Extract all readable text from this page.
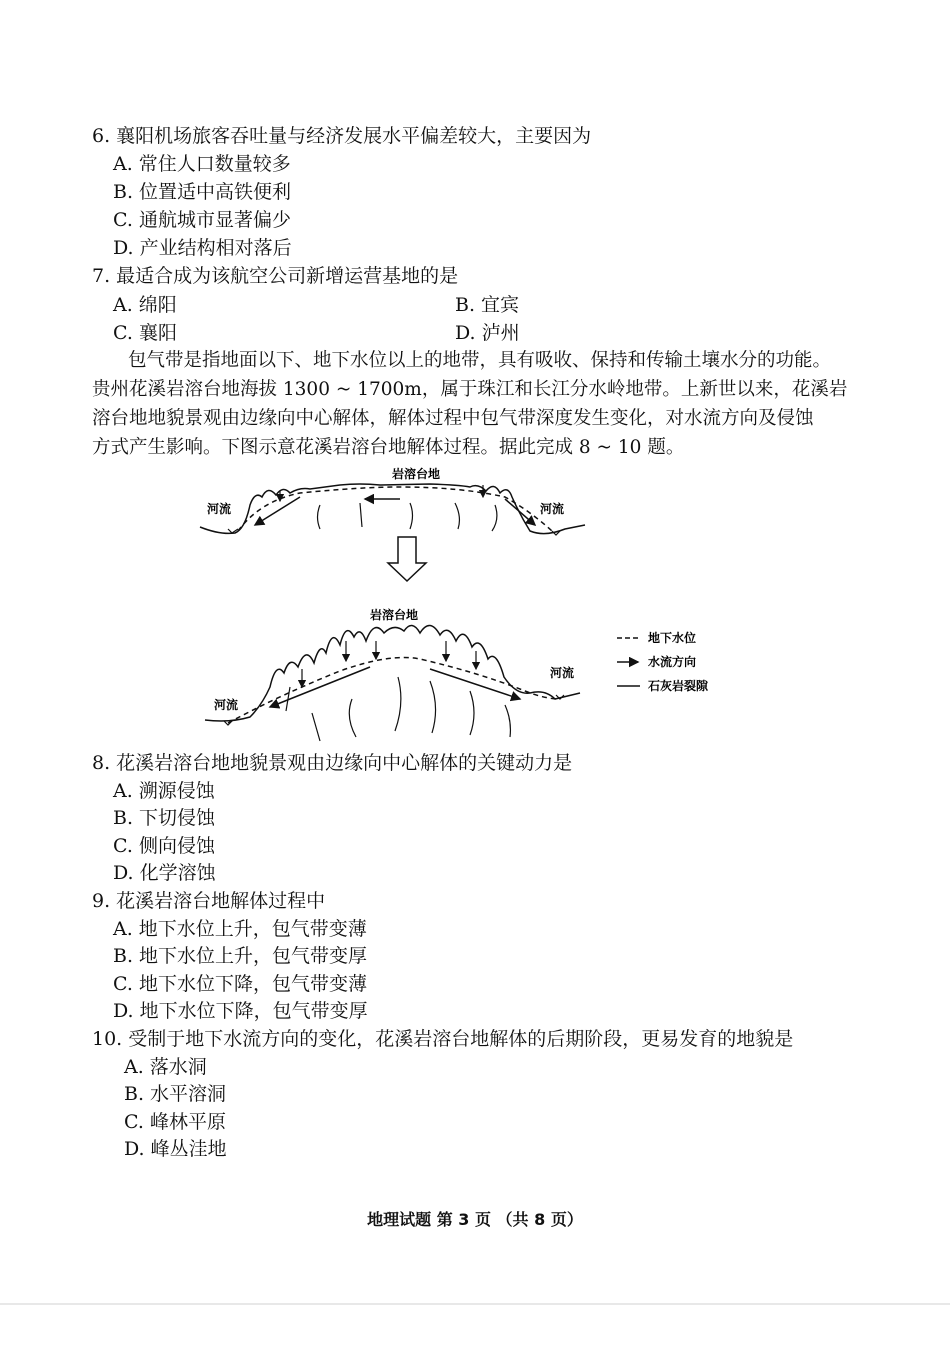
6. 襄阳机场旅客吞吐量与经济发展水平偏差较大，主要因为
A. 常住人口数量较多
B. 位置适中高铁便利
C. 通航城市显著偏少
D. 产业结构相对落后
7. 最适合成为该航空公司新增运营基地的是
A. 绵阳	B. 宜宾
C. 襄阳	D. 泸州
包气带是指地面以下、地下水位以上的地带，具有吸收、保持和传输土壤水分的功能。
贵州花溪岩溶台地海拔 1300 ~ 1700m，属于珠江和长江分水岭地带。上新世以来，花溪岩
溶台地地貌景观由边缘向中心解体，解体过程中包气带深度发生变化，对水流方向及侵蚀
方式产生影响。下图示意花溪岩溶台地解体过程。据此完成 8 ~ 10 题。
岩溶台地
河流	河流
岩溶台地
河流
河流
地下水位
水流方向
石灰岩裂隙
8. 花溪岩溶台地地貌景观由边缘向中心解体的关键动力是
A. 溯源侵蚀
B. 下切侵蚀
C. 侧向侵蚀
D. 化学溶蚀
9. 花溪岩溶台地解体过程中
A. 地下水位上升，包气带变薄
B. 地下水位上升，包气带变厚
C. 地下水位下降，包气带变薄
D. 地下水位下降，包气带变厚
10. 受制于地下水流方向的变化，花溪岩溶台地解体的后期阶段，更易发育的地貌是
A. 落水洞
B. 水平溶洞
C. 峰林平原
D. 峰丛洼地
地理试题 第 3 页 （共 8 页）
